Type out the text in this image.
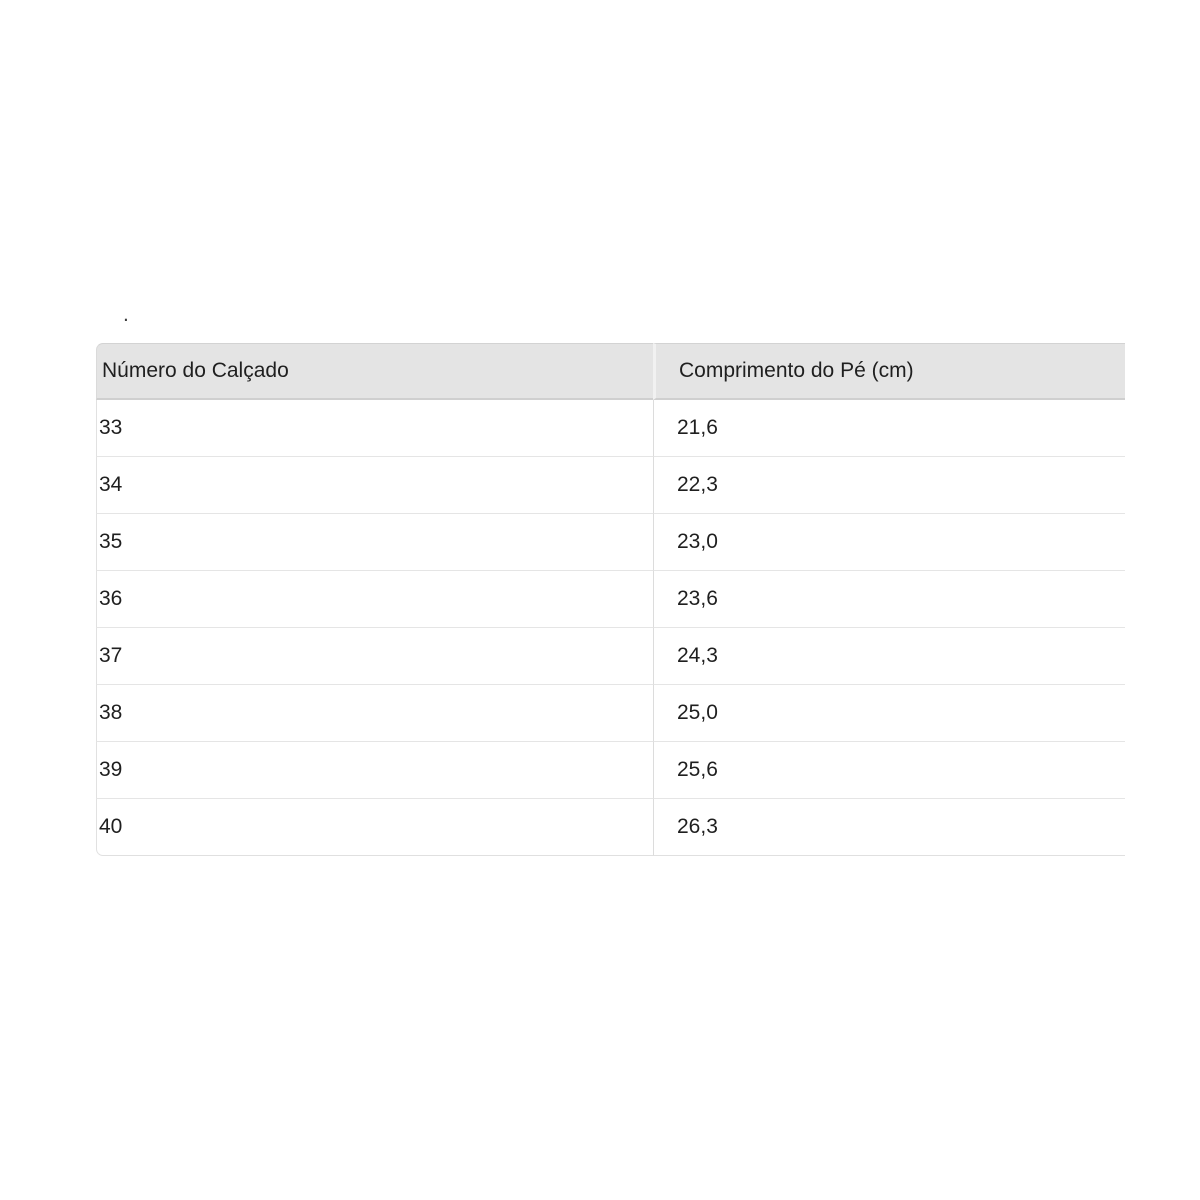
.
Número do Calçado	Comprimento do Pé (cm)
33	21,6
34	22,3
35	23,0
36	23,6
37	24,3
38	25,0
39	25,6
40	26,3
